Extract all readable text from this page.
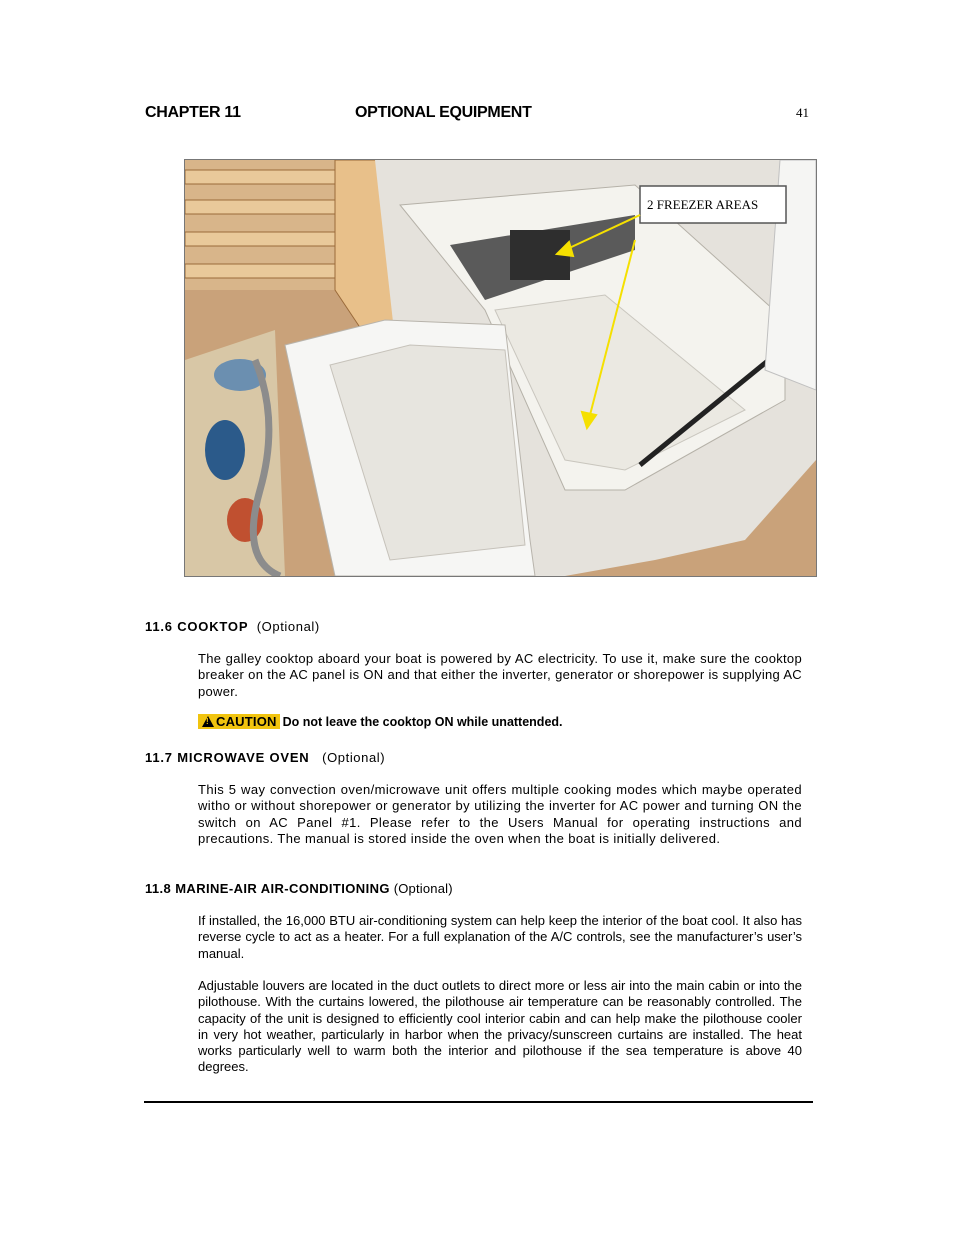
CHAPTER 11	OPTIONAL EQUIPMENT	41
2 FREEZER AREAS
11.6 COOKTOP (Optional)
The galley cooktop aboard your boat is powered by AC electricity. To use it, make sure the cooktop breaker on the AC panel is ON and that either the inverter, generator or shorepower is supplying AC power.
!
CAUTION Do not leave the cooktop ON while unattended.
11.7 MICROWAVE OVEN (Optional)
This 5 way convection oven/microwave unit offers multiple cooking modes which maybe operated witho or without shorepower or generator by utilizing the inverter for AC power and turning ON the switch on AC Panel #1. Please refer to the Users Manual for operating instructions and precautions. The manual is stored inside the oven when the boat is initially delivered.
11.8 MARINE-AIR AIR-CONDITIONING (Optional)
If installed, the 16,000 BTU air-conditioning system can help keep the interior of the boat cool. It also has reverse cycle to act as a heater. For a full explanation of the A/C controls, see the manufacturer’s user’s manual.
Adjustable louvers are located in the duct outlets to direct more or less air into the main cabin or into the pilothouse. With the curtains lowered, the pilothouse air temperature can be reasonably controlled. The capacity of the unit is designed to efficiently cool interior cabin and can help make the pilothouse cooler in very hot weather, particularly in harbor when the privacy/sunscreen curtains are installed. The heat works particularly well to warm both the interior and pilothouse if the sea temperature is above 40 degrees.
